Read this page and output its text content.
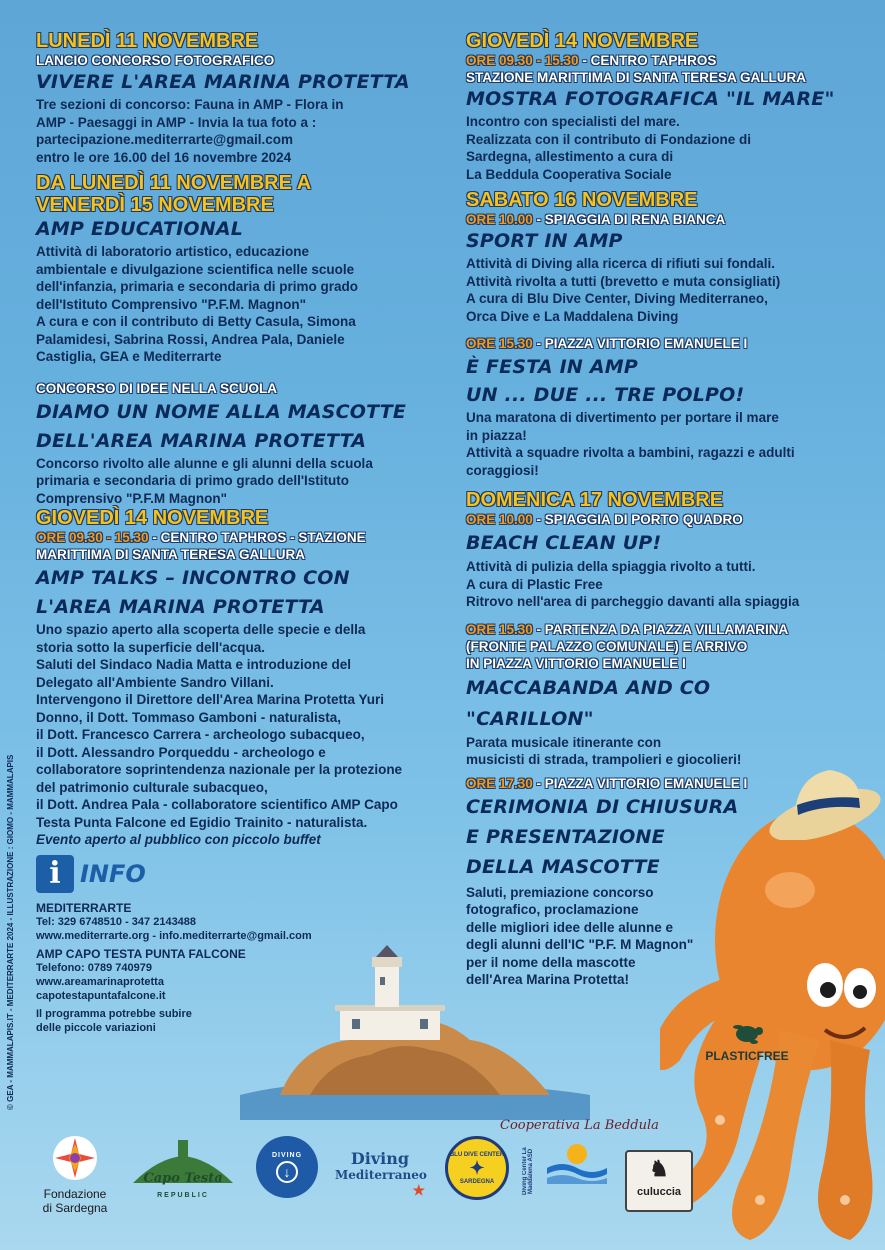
LUNEDÌ 11 NOVEMBRE
LANCIO CONCORSO FOTOGRAFICO
VIVERE L'AREA MARINA PROTETTA
Tre sezioni di concorso: Fauna in AMP - Flora in
AMP - Paesaggi in AMP - Invia la tua foto a :
partecipazione.mediterrarte@gmail.com
entro le ore 16.00 del 16 novembre 2024
DA LUNEDÌ 11 NOVEMBRE A
VENERDÌ 15 NOVEMBRE
AMP EDUCATIONAL
Attività di laboratorio artistico, educazione
ambientale e divulgazione scientifica nelle scuole
dell'infanzia, primaria e secondaria di primo grado
dell'Istituto Comprensivo "P.F.M. Magnon"
A cura e con il contributo di Betty Casula, Simona
Palamidesi, Sabrina Rossi, Andrea Pala, Daniele
Castiglia, GEA e Mediterrarte
CONCORSO DI IDEE NELLA SCUOLA
DIAMO UN NOME ALLA MASCOTTE
DELL'AREA MARINA PROTETTA
Concorso rivolto alle alunne e gli alunni della scuola
primaria e secondaria di primo grado dell'Istituto
Comprensivo "P.F.M Magnon"
GIOVEDÌ 14 NOVEMBRE
ORE 09.30 - 15.30 - CENTRO TAPHROS - STAZIONE
MARITTIMA DI SANTA TERESA GALLURA
AMP TALKS – INCONTRO CON
L'AREA MARINA PROTETTA
Uno spazio aperto alla scoperta delle specie e della
storia sotto la superficie dell'acqua.
Saluti del Sindaco Nadia Matta e introduzione del
Delegato all'Ambiente Sandro Villani.
Intervengono il Direttore dell'Area Marina Protetta Yuri
Donno, il Dott. Tommaso Gamboni - naturalista,
il Dott. Francesco Carrera - archeologo subacqueo,
il Dott. Alessandro Porqueddu - archeologo e
collaboratore soprintendenza nazionale per la protezione
del patrimonio culturale subacqueo,
il Dott. Andrea Pala - collaboratore scientifico AMP Capo
Testa Punta Falcone ed Egidio Trainito - naturalista.
Evento aperto al pubblico con piccolo buffet
i INFO
MEDITERRARTE
Tel: 329 6748510 - 347 2143488
www.mediterrarte.org - info.mediterrarte@gmail.com
AMP CAPO TESTA PUNTA FALCONE
Telefono: 0789 740979
www.areamarinaprotetta
capotestapuntafalcone.it
Il programma potrebbe subire
delle piccole variazioni
GIOVEDÌ 14 NOVEMBRE
ORE 09.30 - 15.30 - CENTRO TAPHROS
STAZIONE MARITTIMA DI SANTA TERESA GALLURA
MOSTRA FOTOGRAFICA "IL MARE"
Incontro con specialisti del mare.
Realizzata con il contributo di Fondazione di
Sardegna, allestimento a cura di
La Beddula Cooperativa Sociale
SABATO 16 NOVEMBRE
ORE 10.00 - SPIAGGIA DI RENA BIANCA
SPORT IN AMP
Attività di Diving alla ricerca di rifiuti sui fondali.
Attività rivolta a tutti (brevetto e muta consigliati)
A cura di Blu Dive Center, Diving Mediterraneo,
Orca Dive e La Maddalena Diving
ORE 15.30 - PIAZZA VITTORIO EMANUELE I
È FESTA IN AMP
UN ... DUE ... TRE POLPO!
Una maratona di divertimento per portare il mare
in piazza!
Attività a squadre rivolta a bambini, ragazzi e adulti
coraggiosi!
DOMENICA 17 NOVEMBRE
ORE 10.00 - SPIAGGIA DI PORTO QUADRO
BEACH CLEAN UP!
Attività di pulizia della spiaggia rivolto a tutti.
A cura di Plastic Free
Ritrovo nell'area di parcheggio davanti alla spiaggia
ORE 15.30 - PARTENZA DA PIAZZA VILLAMARINA
(FRONTE PALAZZO COMUNALE) E ARRIVO
IN PIAZZA VITTORIO EMANUELE I
MACCABANDA AND CO
"CARILLON"
Parata musicale itinerante con
musicisti di strada, trampolieri e giocolieri!
ORE 17.30 - PIAZZA VITTORIO EMANUELE I
CERIMONIA DI CHIUSURA
E PRESENTAZIONE
DELLA MASCOTTE
Saluti, premiazione concorso
fotografico, proclamazione
delle migliori idee delle alunne e
degli alunni dell'IC "P.F. M Magnon"
per il nome della mascotte
dell'Area Marina Protetta!
© GEA - MAMMALAPIS.IT - MEDITERRARTE 2024 - ILLUSTRAZIONE : GIOMO - MAMMALAPIS	PLASTICFREE
Cooperativa La Beddula
Fondazione
di Sardegna
Capo Testa
REPUBLIC
DIVING
↓
Diving
Mediterraneo
★
BLU DIVE CENTER
✦
SARDEGNA	Diving Center La Maddalena ASD	♞
culuccia
